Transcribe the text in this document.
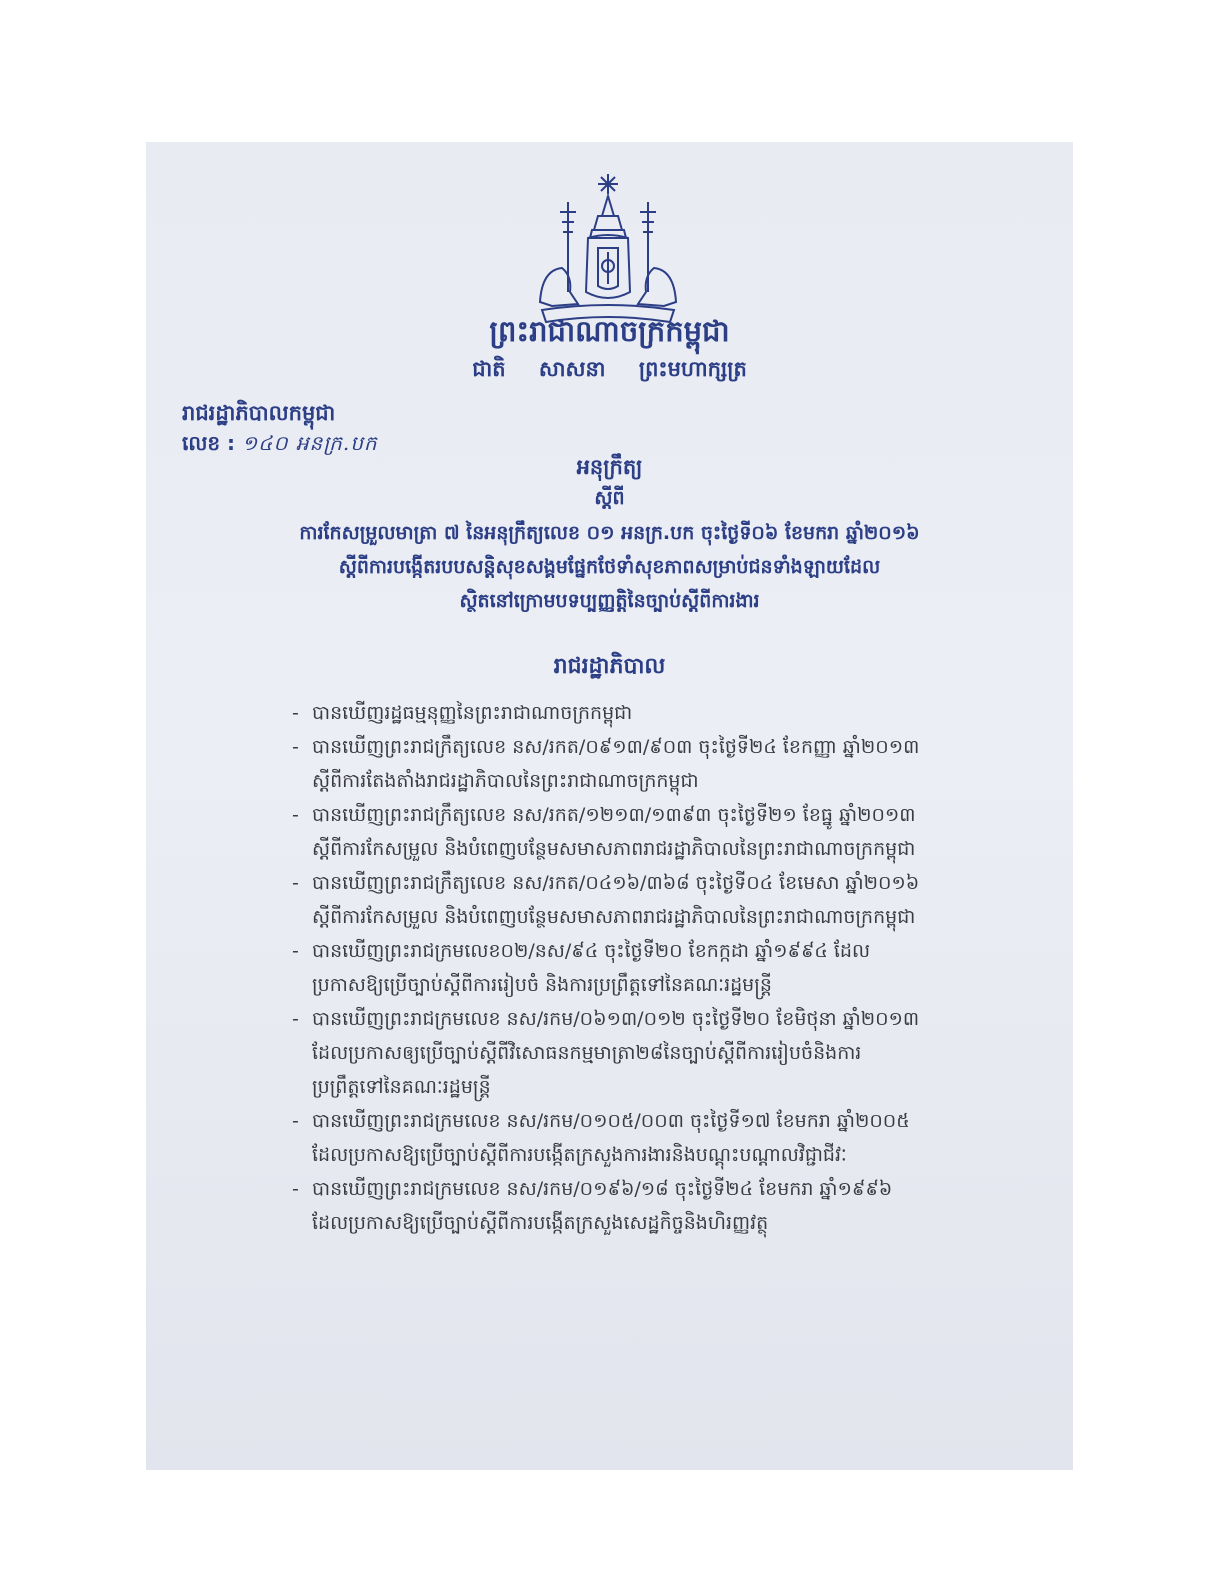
ព្រះរាជាណាចក្រកម្ពុជា
ជាតិ សាសនា ព្រះមហាក្សត្រ
រាជរដ្ឋាភិបាលកម្ពុជា
លេខ : ១៤០ អនក្រ.បក
អនុក្រឹត្យ
ស្តីពី
ការកែសម្រួលមាត្រា ៧ នៃអនុក្រឹត្យលេខ ០១ អនក្រ.បក ចុះថ្ងៃទី០៦ ខែមករា ឆ្នាំ២០១៦
ស្តីពីការបង្កើតរបបសន្តិសុខសង្គមផ្នែកថែទាំសុខភាពសម្រាប់ជនទាំងឡាយដែល
ស្ថិតនៅក្រោមបទប្បញ្ញត្តិនៃច្បាប់ស្តីពីការងារ
រាជរដ្ឋាភិបាល
- បានឃើញរដ្ឋធម្មនុញ្ញនៃព្រះរាជាណាចក្រកម្ពុជា
- បានឃើញព្រះរាជក្រឹត្យលេខ នស/រកត/០៩១៣/៩០៣ ចុះថ្ងៃទី២៤ ខែកញ្ញា ឆ្នាំ២០១៣
ស្តីពីការតែងតាំងរាជរដ្ឋាភិបាលនៃព្រះរាជាណាចក្រកម្ពុជា
- បានឃើញព្រះរាជក្រឹត្យលេខ នស/រកត/១២១៣/១៣៩៣ ចុះថ្ងៃទី២១ ខែធ្នូ ឆ្នាំ២០១៣
ស្តីពីការកែសម្រួល និងបំពេញបន្ថែមសមាសភាពរាជរដ្ឋាភិបាលនៃព្រះរាជាណាចក្រកម្ពុជា
- បានឃើញព្រះរាជក្រឹត្យលេខ នស/រកត/០៤១៦/៣៦៨ ចុះថ្ងៃទី០៤ ខែមេសា ឆ្នាំ២០១៦
ស្តីពីការកែសម្រួល និងបំពេញបន្ថែមសមាសភាពរាជរដ្ឋាភិបាលនៃព្រះរាជាណាចក្រកម្ពុជា
- បានឃើញព្រះរាជក្រមលេខ០២/នស/៩៤ ចុះថ្ងៃទី២០ ខែកក្កដា ឆ្នាំ១៩៩៤ ដែល
ប្រកាសឱ្យប្រើច្បាប់ស្តីពីការរៀបចំ និងការប្រព្រឹត្តទៅនៃគណៈរដ្ឋមន្ត្រី
- បានឃើញព្រះរាជក្រមលេខ នស/រកម/០៦១៣/០១២ ចុះថ្ងៃទី២០ ខែមិថុនា ឆ្នាំ២០១៣
ដែលប្រកាសឲ្យប្រើច្បាប់ស្តីពីវិសោធនកម្មមាត្រា២៨នៃច្បាប់ស្តីពីការរៀបចំនិងការ
ប្រព្រឹត្តទៅនៃគណៈរដ្ឋមន្ត្រី
- បានឃើញព្រះរាជក្រមលេខ នស/រកម/០១០៥/០០៣ ចុះថ្ងៃទី១៧ ខែមករា ឆ្នាំ២០០៥
ដែលប្រកាសឱ្យប្រើច្បាប់ស្តីពីការបង្កើតក្រសួងការងារនិងបណ្តុះបណ្តាលវិជ្ជាជីវៈ
- បានឃើញព្រះរាជក្រមលេខ នស/រកម/០១៩៦/១៨ ចុះថ្ងៃទី២៤ ខែមករា ឆ្នាំ១៩៩៦
ដែលប្រកាសឱ្យប្រើច្បាប់ស្តីពីការបង្កើតក្រសួងសេដ្ឋកិច្ចនិងហិរញ្ញវត្ថុ
